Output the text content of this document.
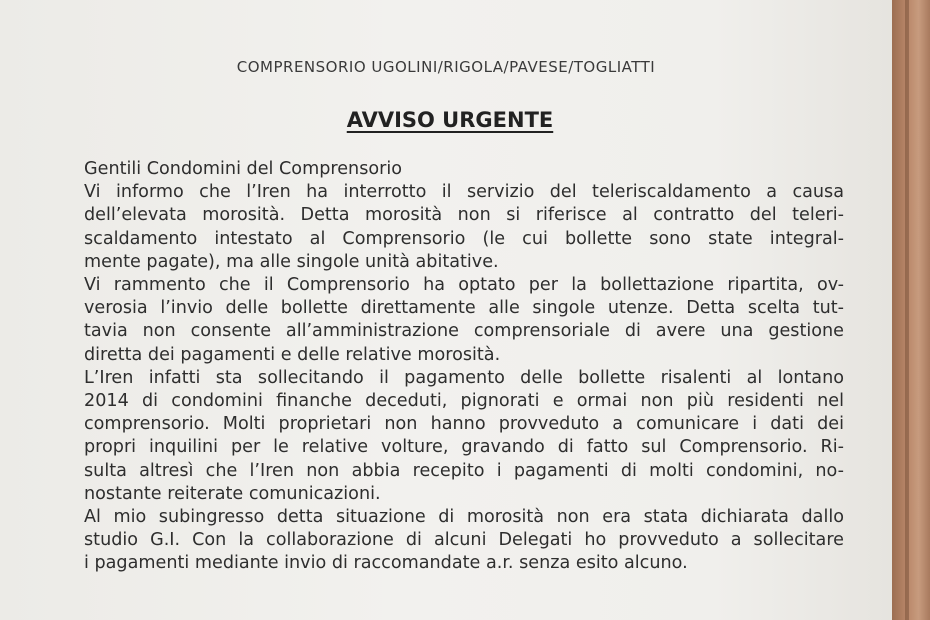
COMPRENSORIO UGOLINI/RIGOLA/PAVESE/TOGLIATTI
AVVISO URGENTE
Gentili Condomini del Comprensorio
Vi informo che l’Iren ha interrotto il servizio del teleriscaldamento a causa
dell’elevata morosità. Detta morosità non si riferisce al contratto del teleri-
scaldamento intestato al Comprensorio (le cui bollette sono state integral-
mente pagate), ma alle singole unità abitative.
Vi rammento che il Comprensorio ha optato per la bollettazione ripartita, ov-
verosia l’invio delle bollette direttamente alle singole utenze. Detta scelta tut-
tavia non consente all’amministrazione comprensoriale di avere una gestione
diretta dei pagamenti e delle relative morosità.
L’Iren infatti sta sollecitando il pagamento delle bollette risalenti al lontano
2014 di condomini finanche deceduti, pignorati e ormai non più residenti nel
comprensorio. Molti proprietari non hanno provveduto a comunicare i dati dei
propri inquilini per le relative volture, gravando di fatto sul Comprensorio. Ri-
sulta altresì che l’Iren non abbia recepito i pagamenti di molti condomini, no-
nostante reiterate comunicazioni.
Al mio subingresso detta situazione di morosità non era stata dichiarata dallo
studio G.I. Con la collaborazione di alcuni Delegati ho provveduto a sollecitare
i pagamenti mediante invio di raccomandate a.r. senza esito alcuno.
